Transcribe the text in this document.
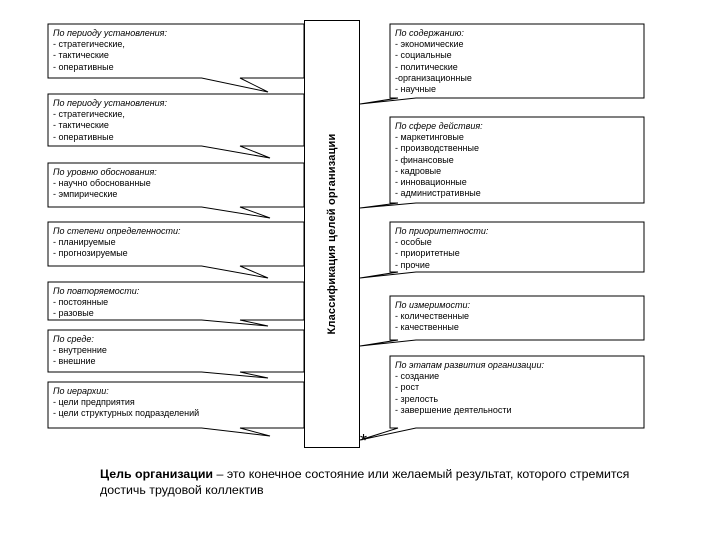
По периоду установления:
- стратегические,
- тактические
- оперативные
По периоду установления:
- стратегические,
- тактические
- оперативные
По уровню обоснования:
- научно обоснованные
- эмпирические
По степени определенности:
- планируемые
- прогнозируемые
По повторяемости:
- постоянные
- разовые
По среде:
- внутренние
- внешние
По иерархии:
- цели предприятия
- цели структурных подразделений
По содержанию:
- экономические
- социальные
- политические
-организационные
- научные
По сфере действия:
- маркетинговые
- производственные
- финансовые
- кадровые
- инновационные
- административные
По приоритетности:
- особые
- приоритетные
- прочие
По измеримости:
- количественные
- качественные
По этапам развития организации:
- создание
- рост
- зрелость
- завершение деятельности
Классификация целей организации
*
Цель организации – это конечное состояние или желаемый результат, которого стремится достичь трудовой коллектив
